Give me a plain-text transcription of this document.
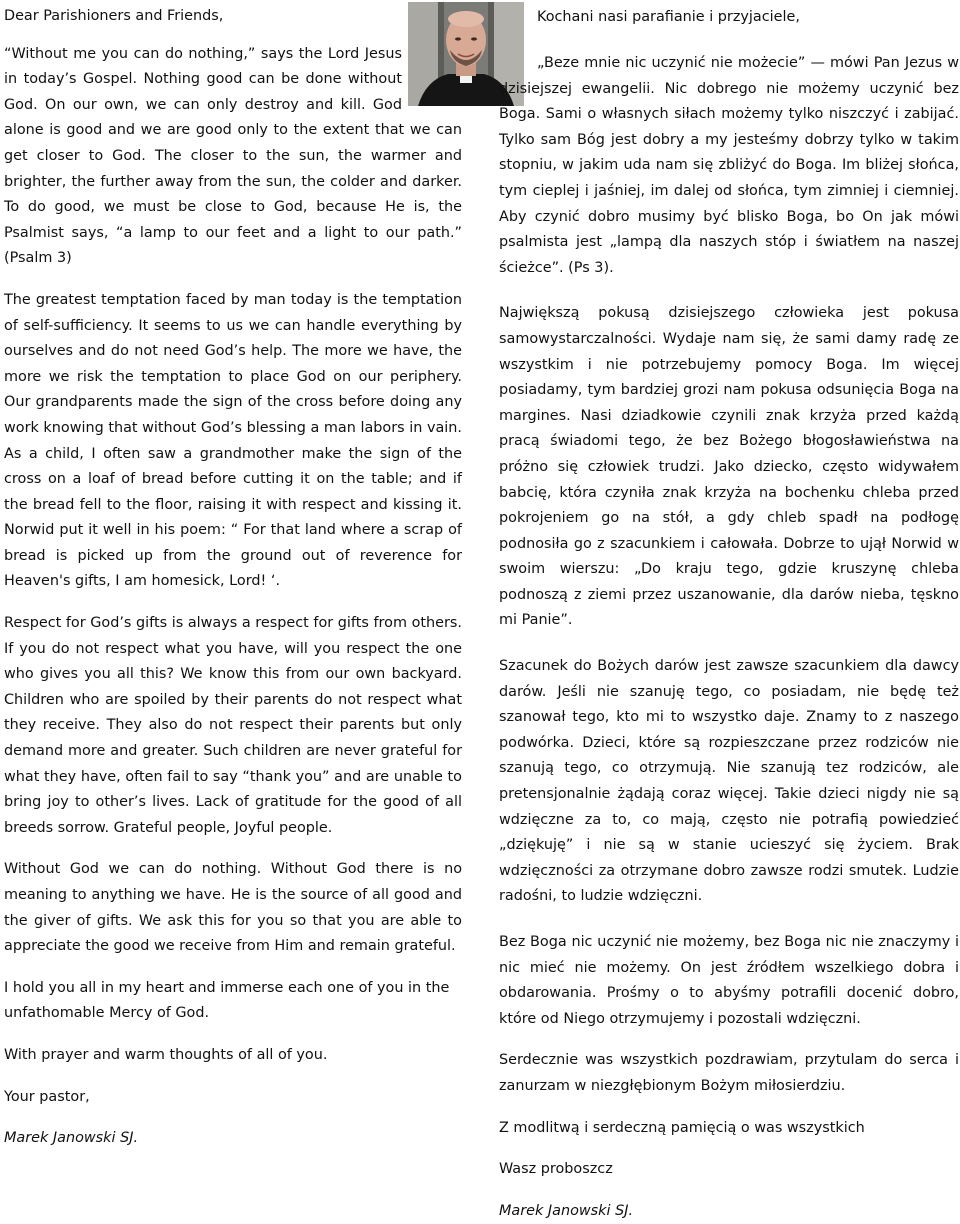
Dear Parishioners and Friends,

“Without me you can do nothing,” says the Lord Jesus in today’s Gospel. Nothing good can be done without God. On our own, we can only destroy and kill. God alone is good and we are good only to the extent that we can get closer to God. The closer to the sun, the warmer and brighter, the further away from the sun, the colder and darker. To do good, we must be close to God, because He is, the Psalmist says, “a lamp to our feet and a light to our path.” (Psalm 3)

The greatest temptation faced by man today is the temptation of self-sufficiency. It seems to us we can handle everything by ourselves and do not need God’s help. The more we have, the more we risk the temptation to place God on our periphery. Our grandparents made the sign of the cross before doing any work knowing that without God’s blessing a man labors in vain. As a child, I often saw a grandmother make the sign of the cross on a loaf of bread before cutting it on the table; and if the bread fell to the floor, raising it with respect and kissing it. Norwid put it well in his poem: “ For that land where a scrap of bread is picked up from the ground out of reverence for Heaven's gifts, I am homesick, Lord! ‘.

Respect for God’s gifts is always a respect for gifts from others. If you do not respect what you have, will you respect the one who gives you all this? We know this from our own backyard. Children who are spoiled by their parents do not respect what they receive. They also do not respect their parents but only demand more and greater. Such children are never grateful for what they have, often fail to say “thank you” and are unable to bring joy to other’s lives. Lack of gratitude for the good of all breeds sorrow. Grateful people, Joyful people.

Without God we can do nothing. Without God there is no meaning to anything we have. He is the source of all good and the giver of gifts. We ask this for you so that you are able to appreciate the good we receive from Him and remain grateful.

I hold you all in my heart and immerse each one of you in the unfathomable Mercy of God.

With prayer and warm thoughts of all of you.

Your pastor,

Marek Janowski SJ.

Kochani nasi parafianie i przyjaciele,

„Beze mnie nic uczynić nie możecie” — mówi Pan Jezus w dzisiejszej ewangelii. Nic dobrego nie możemy uczynić bez Boga. Sami o własnych siłach możemy tylko niszczyć i zabijać. Tylko sam Bóg jest dobry a my jesteśmy dobrzy tylko w takim stopniu, w jakim uda nam się zbliżyć do Boga. Im bliżej słońca, tym cieplej i jaśniej, im dalej od słońca, tym zimniej i ciemniej. Aby czynić dobro musimy być blisko Boga, bo On jak mówi psalmista jest „lampą dla naszych stóp i światłem na naszej ścieżce”. (Ps 3).

Największą pokusą dzisiejszego człowieka jest pokusa samowystarczalności. Wydaje nam się, że sami damy radę ze wszystkim i nie potrzebujemy pomocy Boga. Im więcej posiadamy, tym bardziej grozi nam pokusa odsunięcia Boga na margines. Nasi dziadkowie czynili znak krzyża przed każdą pracą świadomi tego, że bez Bożego błogosławieństwa na próżno się człowiek trudzi. Jako dziecko, często widywałem babcię, która czyniła znak krzyża na bochenku chleba przed pokrojeniem go na stół, a gdy chleb spadł na podłogę podnosiła go z szacunkiem i całowała. Dobrze to ujął Norwid w swoim wierszu: „Do kraju tego, gdzie kruszynę chleba podnoszą z ziemi przez uszanowanie, dla darów nieba, tęskno mi Panie”.

Szacunek do Bożych darów jest zawsze szacunkiem dla dawcy darów. Jeśli nie szanuję tego, co posiadam, nie będę też szanował tego, kto mi to wszystko daje. Znamy to z naszego podwórka. Dzieci, które są rozpieszczane przez rodziców nie szanują tego, co otrzymują. Nie szanują tez rodziców, ale pretensjonalnie żądają coraz więcej. Takie dzieci nigdy nie są wdzięczne za to, co mają, często nie potrafią powiedzieć „dziękuję” i nie są w stanie ucieszyć się życiem. Brak wdzięczności za otrzymane dobro zawsze rodzi smutek. Ludzie radośni, to ludzie wdzięczni.

Bez Boga nic uczynić nie możemy, bez Boga nic nie znaczymy i nic mieć nie możemy. On jest źródłem wszelkiego dobra i obdarowania. Prośmy o to abyśmy potrafili docenić dobro, które od Niego otrzymujemy i pozostali wdzięczni.

Serdecznie was wszystkich pozdrawiam, przytulam do serca i zanurzam w niezgłębionym Bożym miłosierdziu.

Z modlitwą i serdeczną pamięcią o was wszystkich

Wasz proboszcz

Marek Janowski SJ.
